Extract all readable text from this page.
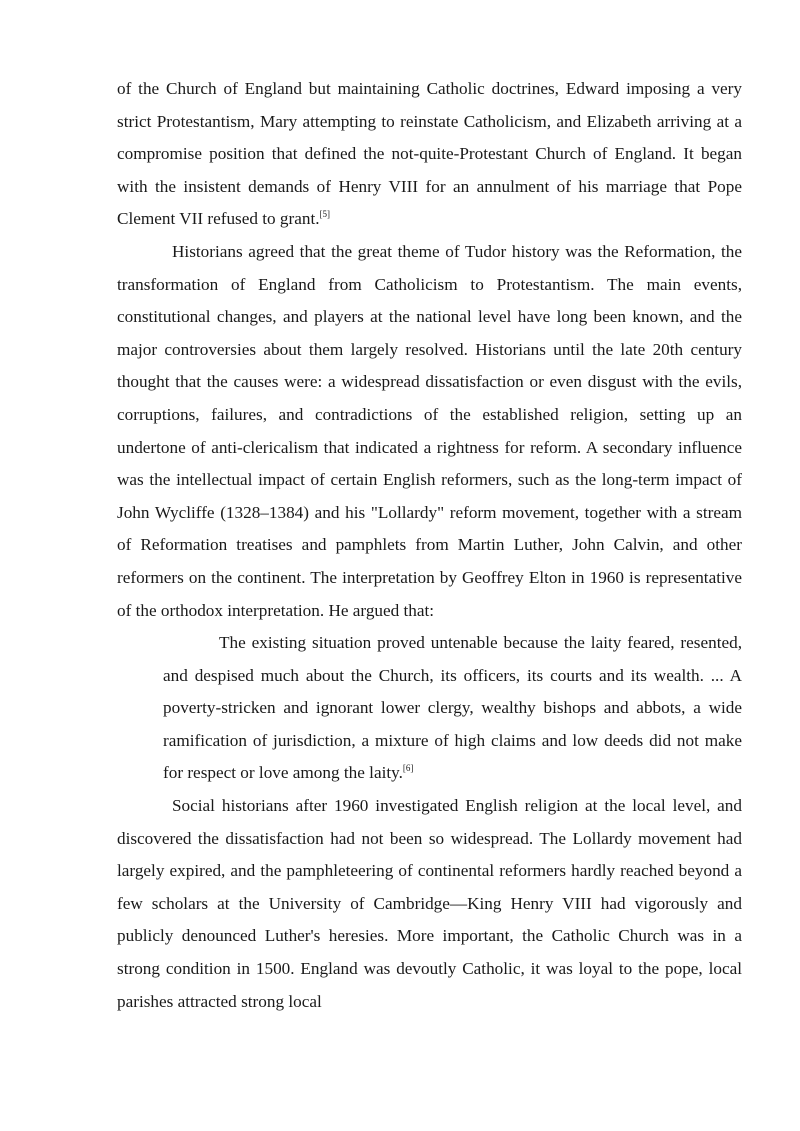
of the Church of England but maintaining Catholic doctrines, Edward imposing a very strict Protestantism, Mary attempting to reinstate Catholicism, and Elizabeth arriving at a compromise position that defined the not-quite-Protestant Church of England. It began with the insistent demands of Henry VIII for an annulment of his marriage that Pope Clement VII refused to grant.[5]

Historians agreed that the great theme of Tudor history was the Reformation, the transformation of England from Catholicism to Protestantism. The main events, constitutional changes, and players at the national level have long been known, and the major controversies about them largely resolved. Historians until the late 20th century thought that the causes were: a widespread dissatisfaction or even disgust with the evils, corruptions, failures, and contradictions of the established religion, setting up an undertone of anti-clericalism that indicated a rightness for reform. A secondary influence was the intellectual impact of certain English reformers, such as the long-term impact of John Wycliffe (1328–1384) and his "Lollardy" reform movement, together with a stream of Reformation treatises and pamphlets from Martin Luther, John Calvin, and other reformers on the continent. The interpretation by Geoffrey Elton in 1960 is representative of the orthodox interpretation. He argued that:

The existing situation proved untenable because the laity feared, resented, and despised much about the Church, its officers, its courts and its wealth. ... A poverty-stricken and ignorant lower clergy, wealthy bishops and abbots, a wide ramification of jurisdiction, a mixture of high claims and low deeds did not make for respect or love among the laity.[6]

Social historians after 1960 investigated English religion at the local level, and discovered the dissatisfaction had not been so widespread. The Lollardy movement had largely expired, and the pamphleteering of continental reformers hardly reached beyond a few scholars at the University of Cambridge—King Henry VIII had vigorously and publicly denounced Luther's heresies. More important, the Catholic Church was in a strong condition in 1500. England was devoutly Catholic, it was loyal to the pope, local parishes attracted strong local
